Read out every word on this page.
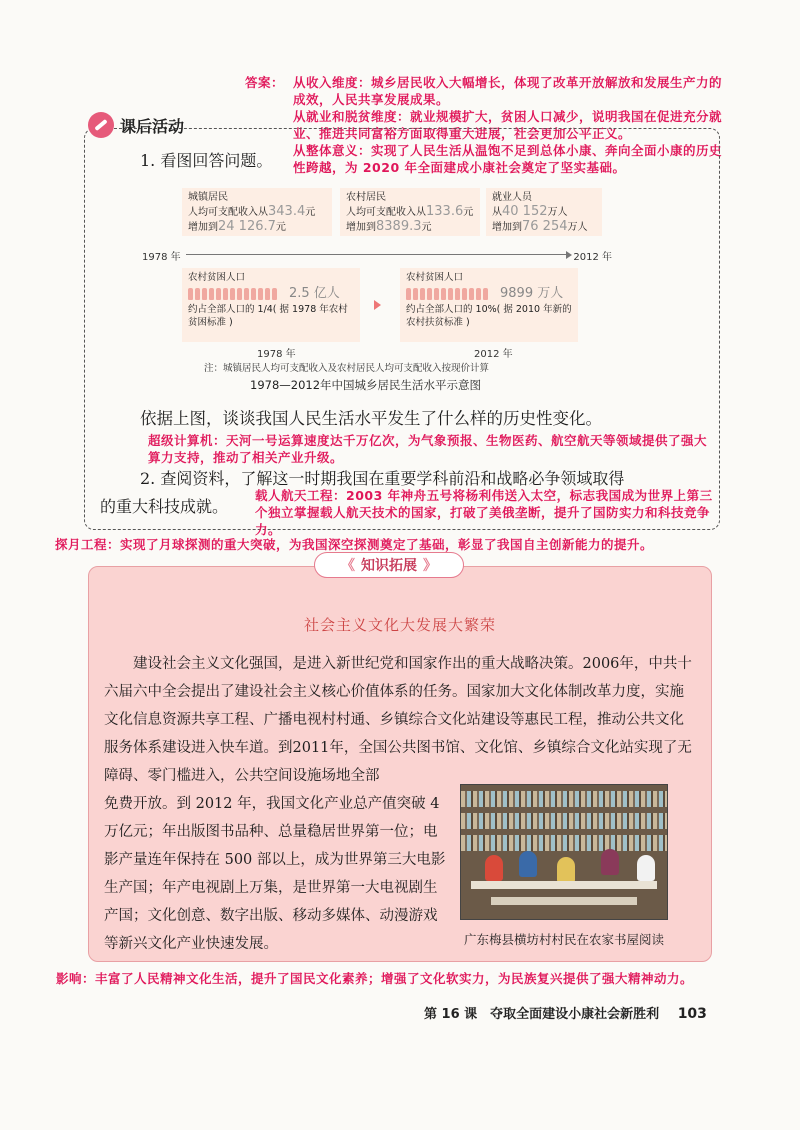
答案： 从收入维度：城乡居民收入大幅增长，体现了改革开放解放和发展生产力的
成效，人民共享发展成果。
从就业和脱贫维度：就业规模扩大，贫困人口减少，说明我国在促进充分就
业、推进共同富裕方面取得重大进展，社会更加公平正义。
从整体意义：实现了人民生活从温饱不足到总体小康、奔向全面小康的历史
性跨越，为 2020 年全面建成小康社会奠定了坚实基础。
课后活动
1. 看图回答问题。
城镇居民
人均可支配收入从343.4元
增加到24 126.7元
农村居民
人均可支配收入从133.6元
增加到8389.3元
就业人员
从40 152万人
增加到76 254万人
1978 年	2012 年
农村贫困人口
2.5 亿人
约占全部人口的 1/4( 据 1978 年农村贫困标准 )
农村贫困人口
9899 万人
约占全部人口的 10%( 据 2010 年新的农村扶贫标准 )
1978 年	2012 年
注：城镇居民人均可支配收入及农村居民人均可支配收入按现价计算
1978—2012年中国城乡居民生活水平示意图
依据上图，谈谈我国人民生活水平发生了什么样的历史性变化。
超级计算机：天河一号运算速度达千万亿次，为气象预报、生物医药、航空航天等领域提供了强大算力支持，推动了相关产业升级。
2. 查阅资料，了解这一时期我国在重要学科前沿和战略必争领域取得
的重大科技成就。
载人航天工程：2003 年神舟五号将杨利伟送入太空，标志我国成为世界上第三个独立掌握载人航天技术的国家，打破了美俄垄断，提升了国防实力和科技竞争力。
探月工程：实现了月球探测的重大突破，为我国深空探测奠定了基础，彰显了我国自主创新能力的提升。
《 知识拓展 》
社会主义文化大发展大繁荣
建设社会主义文化强国，是进入新世纪党和国家作出的重大战略决策。2006年，中共十六届六中全会提出了建设社会主义核心价值体系的任务。国家加大文化体制改革力度，实施文化信息资源共享工程、广播电视村村通、乡镇综合文化站建设等惠民工程，推动公共文化服务体系建设进入快车道。到2011年，全国公共图书馆、文化馆、乡镇综合文化站实现了无障碍、零门槛进入，公共空间设施场地全部
免费开放。到 2012 年，我国文化产业总产值突破 4 万亿元；年出版图书品种、总量稳居世界第一位；电影产量连年保持在 500 部以上，成为世界第三大电影生产国；年产电视剧上万集，是世界第一大电视剧生产国；文化创意、数字出版、移动多媒体、动漫游戏等新兴文化产业快速发展。	广东梅县横坊村村民在农家书屋阅读
影响：丰富了人民精神文化生活，提升了国民文化素养；增强了文化软实力，为民族复兴提供了强大精神动力。
第 16 课　夺取全面建设小康社会新胜利 103
